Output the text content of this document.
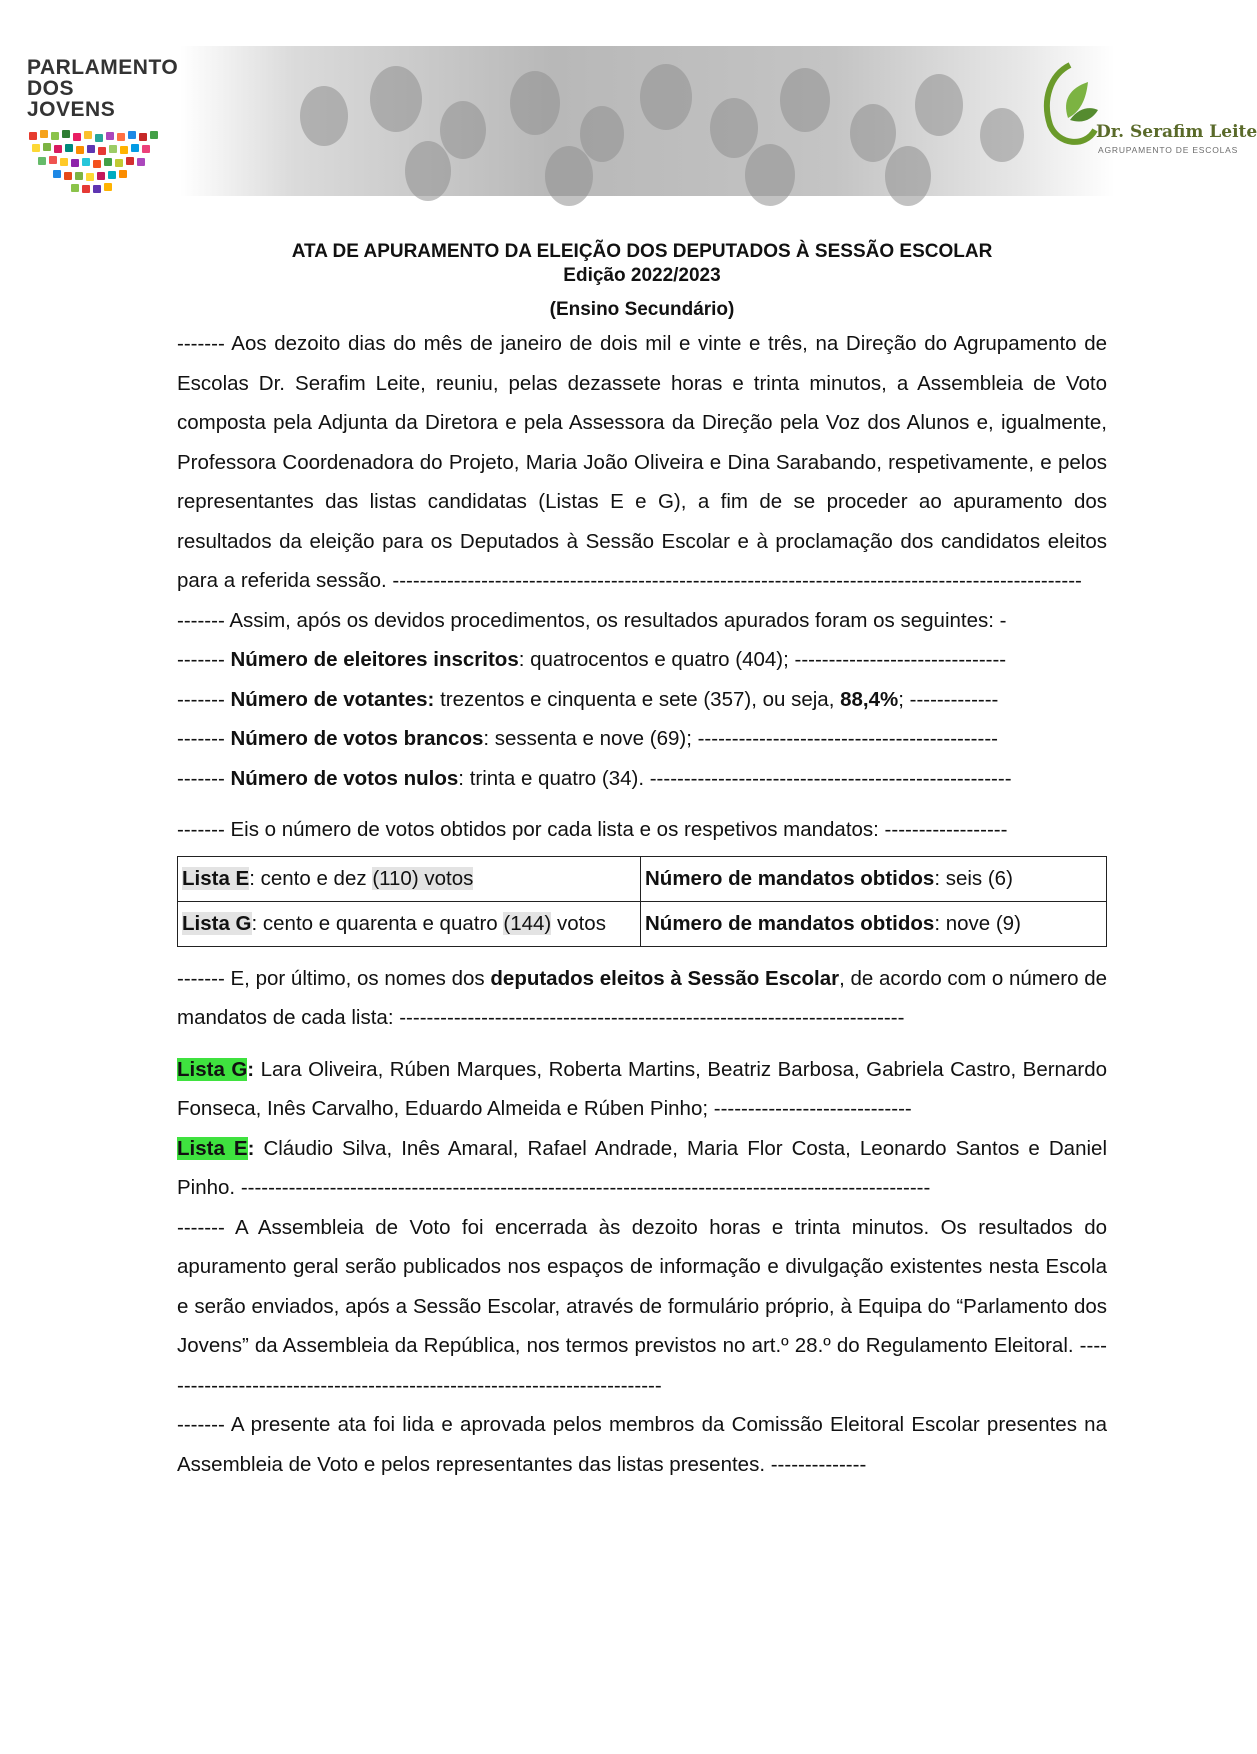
PARLAMENTO DOS JOVENS
Dr. Serafim Leite
AGRUPAMENTO DE ESCOLAS
ATA DE APURAMENTO DA ELEIÇÃO DOS DEPUTADOS À SESSÃO ESCOLAR
Edição 2022/2023
(Ensino Secundário)
------- Aos dezoito dias do mês de janeiro de dois mil e vinte e três, na Direção do Agrupamento de Escolas Dr. Serafim Leite, reuniu, pelas dezassete horas e trinta minutos, a Assembleia de Voto composta pela Adjunta da Diretora e pela Assessora da Direção pela Voz dos Alunos e, igualmente, Professora Coordenadora do Projeto, Maria João Oliveira e Dina Sarabando, respetivamente, e pelos representantes das listas candidatas (Listas E e G), a fim de se proceder ao apuramento dos resultados da eleição para os Deputados à Sessão Escolar e à proclamação dos candidatos eleitos para a referida sessão. -----------------------------------------------------------------------------------------------------
------- Assim, após os devidos procedimentos, os resultados apurados foram os seguintes: -
------- Número de eleitores inscritos: quatrocentos e quatro (404); -------------------------------
------- Número de votantes: trezentos e cinquenta e sete (357), ou seja, 88,4%; -------------
------- Número de votos brancos: sessenta e nove (69); --------------------------------------------
------- Número de votos nulos: trinta e quatro (34). -----------------------------------------------------
------- Eis o número de votos obtidos por cada lista e os respetivos mandatos: ------------------
Lista E: cento e dez (110) votos	Número de mandatos obtidos: seis (6)
Lista G: cento e quarenta e quatro (144) votos	Número de mandatos obtidos: nove (9)
------- E, por último, os nomes dos deputados eleitos à Sessão Escolar, de acordo com o número de mandatos de cada lista: --------------------------------------------------------------------------
Lista G: Lara Oliveira, Rúben Marques, Roberta Martins, Beatriz Barbosa, Gabriela Castro, Bernardo Fonseca, Inês Carvalho, Eduardo Almeida e Rúben Pinho; -----------------------------
Lista E: Cláudio Silva, Inês Amaral, Rafael Andrade, Maria Flor Costa, Leonardo Santos e Daniel Pinho. -----------------------------------------------------------------------------------------------------
------- A Assembleia de Voto foi encerrada às dezoito horas e trinta minutos. Os resultados do apuramento geral serão publicados nos espaços de informação e divulgação existentes nesta Escola e serão enviados, após a Sessão Escolar, através de formulário próprio, à Equipa do “Parlamento dos Jovens” da Assembleia da República, nos termos previstos no art.º 28.º do Regulamento Eleitoral. ---------------------------------------------------------------------------
------- A presente ata foi lida e aprovada pelos membros da Comissão Eleitoral Escolar presentes na Assembleia de Voto e pelos representantes das listas presentes. --------------
